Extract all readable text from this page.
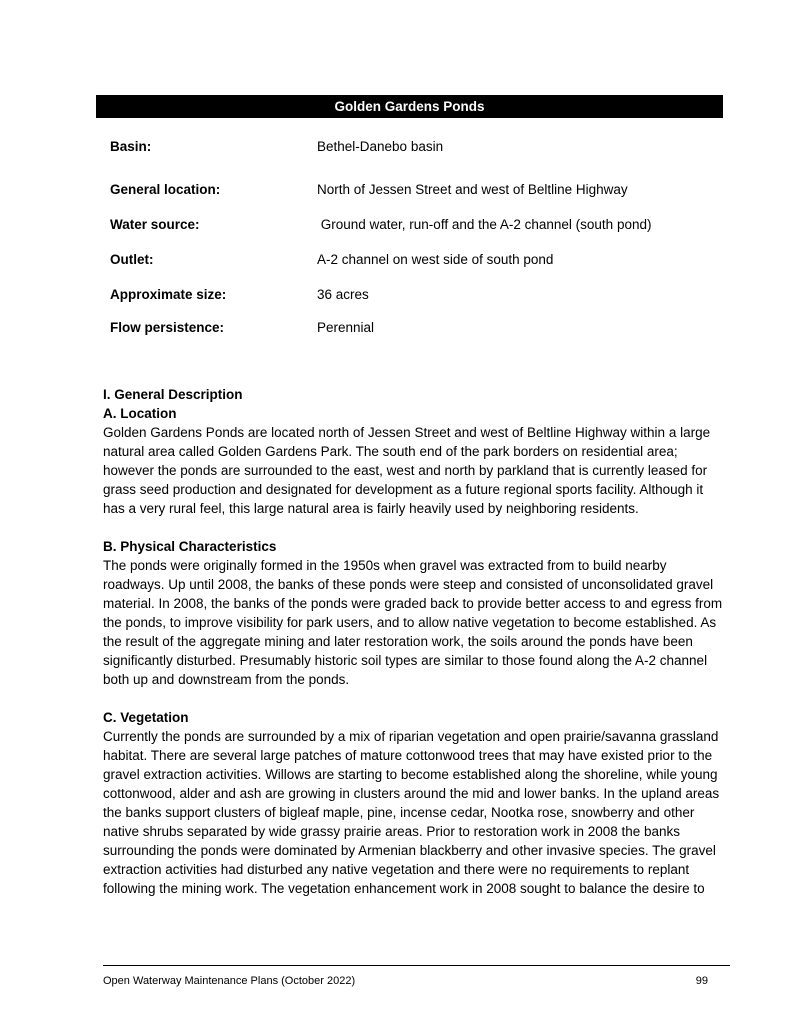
Golden Gardens Ponds
Basin:	Bethel-Danebo basin
General location:	North of Jessen Street and west of Beltline Highway
Water source:	Ground water, run-off and the A-2 channel (south pond)
Outlet:	A-2 channel on west side of south pond
Approximate size:	36 acres
Flow persistence:	Perennial

I. General Description

A. Location

Golden Gardens Ponds are located north of Jessen Street and west of Beltline Highway within a large natural area called Golden Gardens Park. The south end of the park borders on residential area; however the ponds are surrounded to the east, west and north by parkland that is currently leased for grass seed production and designated for development as a future regional sports facility. Although it has a very rural feel, this large natural area is fairly heavily used by neighboring residents.

B. Physical Characteristics

The ponds were originally formed in the 1950s when gravel was extracted from to build nearby roadways. Up until 2008, the banks of these ponds were steep and consisted of unconsolidated gravel material. In 2008, the banks of the ponds were graded back to provide better access to and egress from the ponds, to improve visibility for park users, and to allow native vegetation to become established. As the result of the aggregate mining and later restoration work, the soils around the ponds have been significantly disturbed. Presumably historic soil types are similar to those found along the A-2 channel both up and downstream from the ponds.

C. Vegetation

Currently the ponds are surrounded by a mix of riparian vegetation and open prairie/savanna grassland habitat. There are several large patches of mature cottonwood trees that may have existed prior to the gravel extraction activities. Willows are starting to become established along the shoreline, while young cottonwood, alder and ash are growing in clusters around the mid and lower banks. In the upland areas the banks support clusters of bigleaf maple, pine, incense cedar, Nootka rose, snowberry and other native shrubs separated by wide grassy prairie areas. Prior to restoration work in 2008 the banks surrounding the ponds were dominated by Armenian blackberry and other invasive species. The gravel extraction activities had disturbed any native vegetation and there were no requirements to replant following the mining work. The vegetation enhancement work in 2008 sought to balance the desire to

Open Waterway Maintenance Plans (October 2022)	99
